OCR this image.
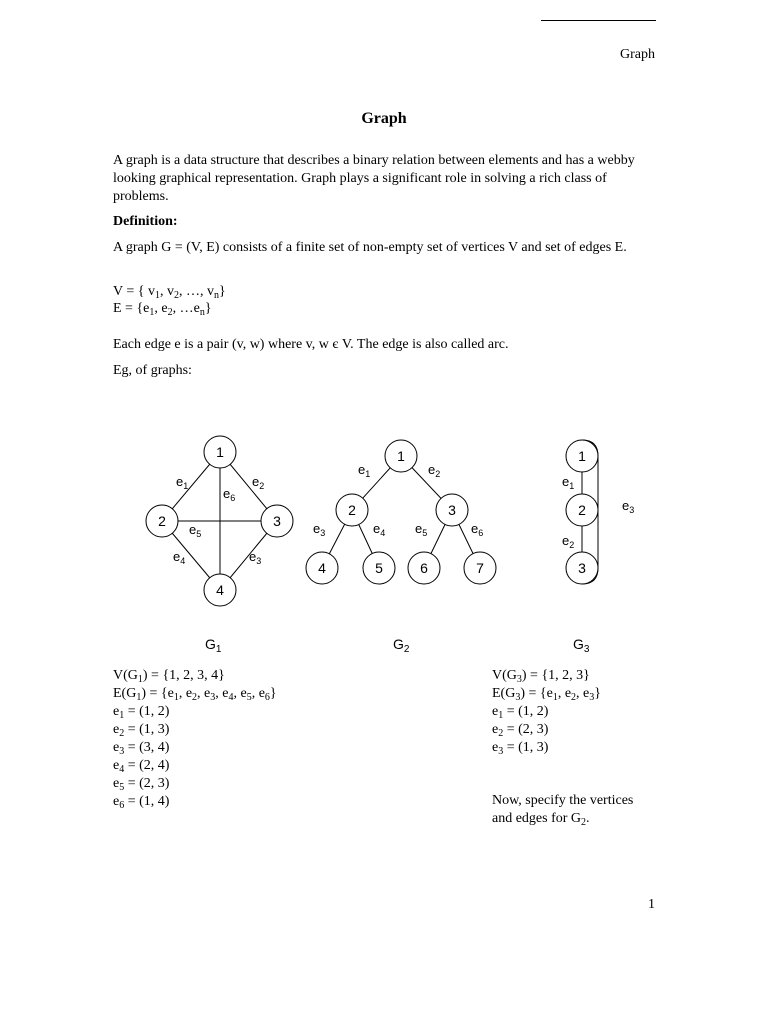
Graph
Graph
A graph is a data structure that describes a binary relation between elements and has a webby looking graphical representation. Graph plays a significant role in solving a rich class of problems.
Definition:
A graph G = (V, E) consists of a finite set of non-empty set of vertices V and set of edges E.
V = { $v_1$, $v_2$, …, $v_n$}
$E = \{e_1$, $e_2$, $\dots e_n$}
Each edge e is a pair (v, w) where v, w є V. The edge is also called arc.
Eg, of graphs:
1
2	3
4
$e_1$	$e_2$
$e_3$
$e_4$
$e_5$
$e_6$
1
2	3
4	5	6	7
$e_1$	$e_2$
$e_3$	$e_4$ $e_5$	$e_6$
1
2
3
$e_1$
$e_2$
$e_3$
$G_1$	$G_2$	$G_3$
$V(G_1) = \{1$, 2, 3, 4}
$E(G_1) = \{e_1$, $e_2$, $e_3$, $e_4$, $e_5$, $e_6$}
$e_1 = (1$, 2)
$e_2 = (1$, 3)
$e_3 = (3$, 4)
$e_4 = (2$, 4)
$e_5 = (2$, 3)
$e_6 = (1$, 4)
$V(G_3) = \{1$, 2, 3}
$E(G_3) = \{e_1$, $e_2$, $e_3$}
$e_1 = (1$, 2)
$e_2 = (2$, 3)
$e_3 = (1$, 3)
Now, specify the vertices
and edges for $G_2$.
1
